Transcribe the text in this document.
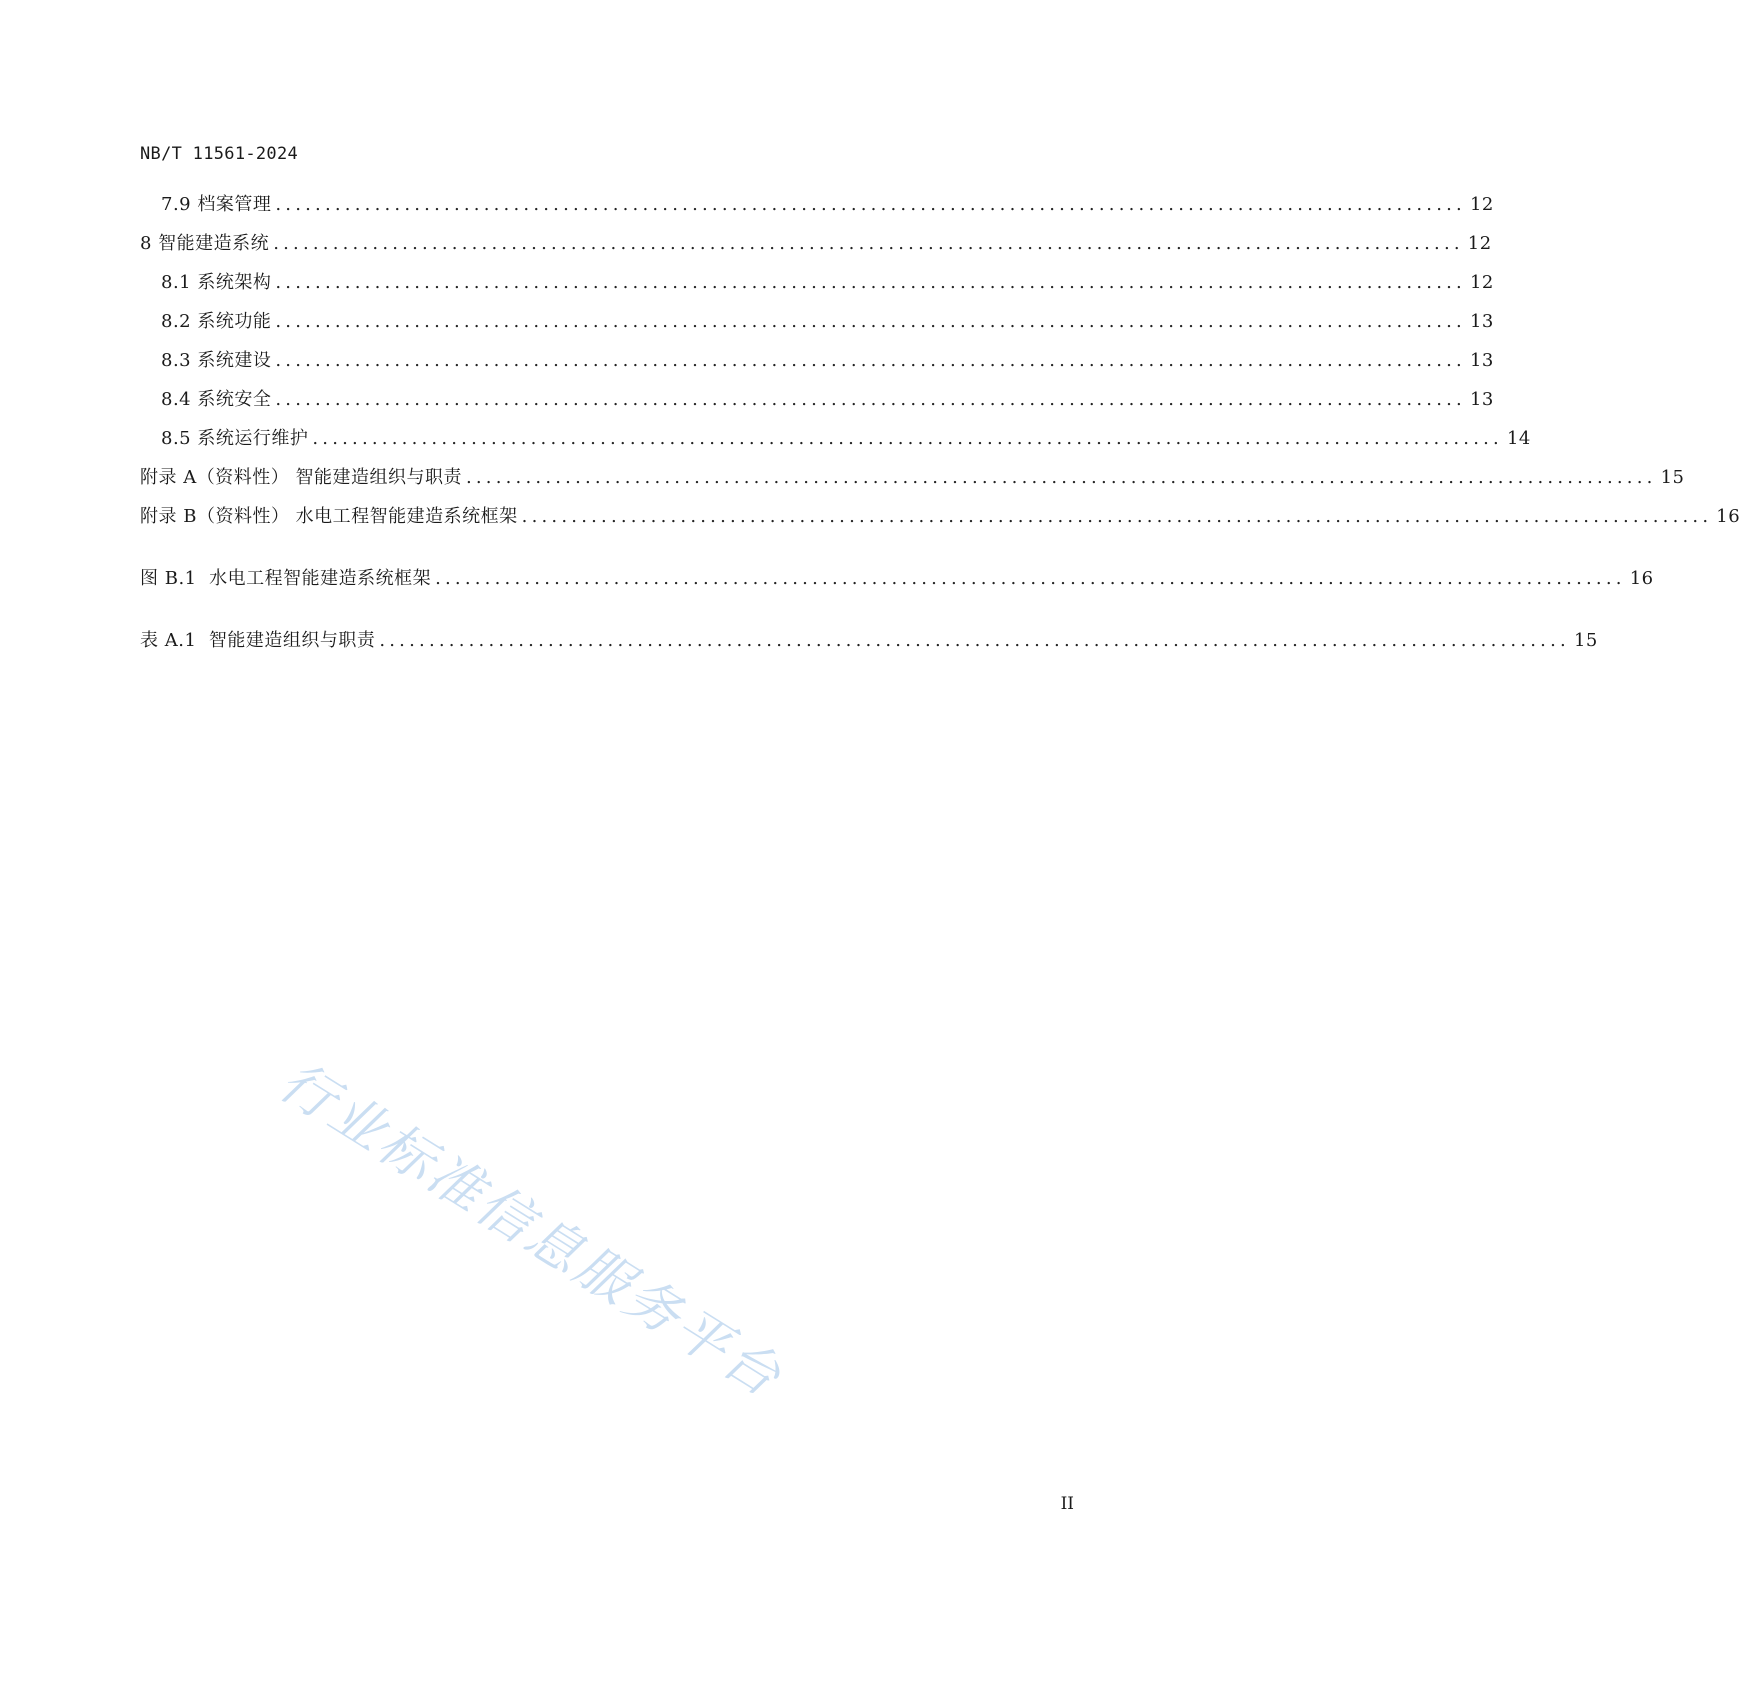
NB/T 11561-2024
7.9 档案管理 ........................................................................................................................ 12
8 智能建造系统 ........................................................................................................................ 12
8.1 系统架构 ........................................................................................................................ 12
8.2 系统功能 ........................................................................................................................ 13
8.3 系统建设 ........................................................................................................................ 13
8.4 系统安全 ........................................................................................................................ 13
8.5 系统运行维护 ........................................................................................................................ 14
附录 A（资料性） 智能建造组织与职责 ........................................................................................................................ 15
附录 B（资料性） 水电工程智能建造系统框架 ........................................................................................................................ 16
图 B.1  水电工程智能建造系统框架 ........................................................................................................................ 16
表 A.1  智能建造组织与职责 ........................................................................................................................ 15
行业标准信息服务平台
II
